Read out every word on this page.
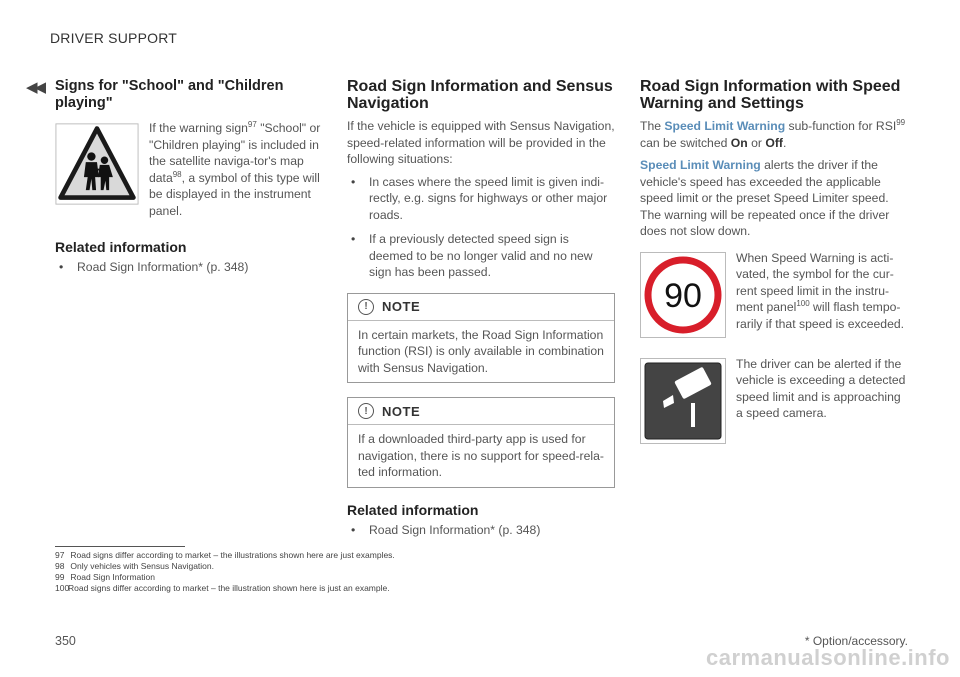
DRIVER SUPPORT
◀◀ Signs for "School" and "Children playing"

If the warning sign$^{97}$ "School" or "Children playing" is included in the satellite naviga-tor's map data$^{98}$, a symbol of this type will be displayed in the instrument panel.

Related information
• Road Sign Information* (p. 348)
Road Sign Information and Sensus Navigation

If the vehicle is equipped with Sensus Navigation, speed-related information will be provided in the following situations:

• In cases where the speed limit is given indi-rectly, e.g. signs for highways or other major roads.
• If a previously detected speed sign is deemed to be no longer valid and no new sign has been passed.
!	NOTE
In certain markets, the Road Sign Information function (RSI) is only available in combination with Sensus Navigation.
!	NOTE
If a downloaded third-party app is used for navigation, there is no support for speed-rela-ted information.
Related information
• Road Sign Information* (p. 348)
Road Sign Information with Speed Warning and Settings

The Speed Limit Warning sub-function for RSI$^{99}$ can be switched On or Off.

Speed Limit Warning alerts the driver if the vehicle's speed has exceeded the applicable speed limit or the preset Speed Limiter speed. The warning will be repeated once if the driver does not slow down.

90

When Speed Warning is acti-vated, the symbol for the cur-rent speed limit in the instru-ment panel$^{100}$ will flash tempo-rarily if that speed is exceeded.

The driver can be alerted if the vehicle is exceeding a detected speed limit and is approaching a speed camera.

97 Road signs differ according to market – the illustrations shown here are just examples.
98 Only vehicles with Sensus Navigation.
99 Road Sign Information
100Road signs differ according to market – the illustration shown here is just an example.
350	* Option/accessory.
carmanualsonline.info
